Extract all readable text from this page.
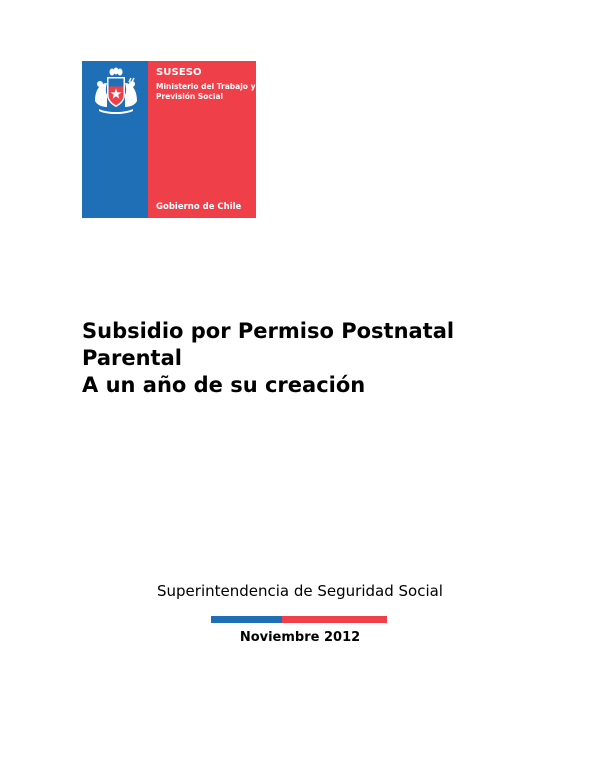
SUSESO
Ministerio del Trabajo y Previsión Social
Gobierno de Chile
Subsidio por Permiso Postnatal
Parental
A un año de su creación
Superintendencia de Seguridad Social
Noviembre 2012
